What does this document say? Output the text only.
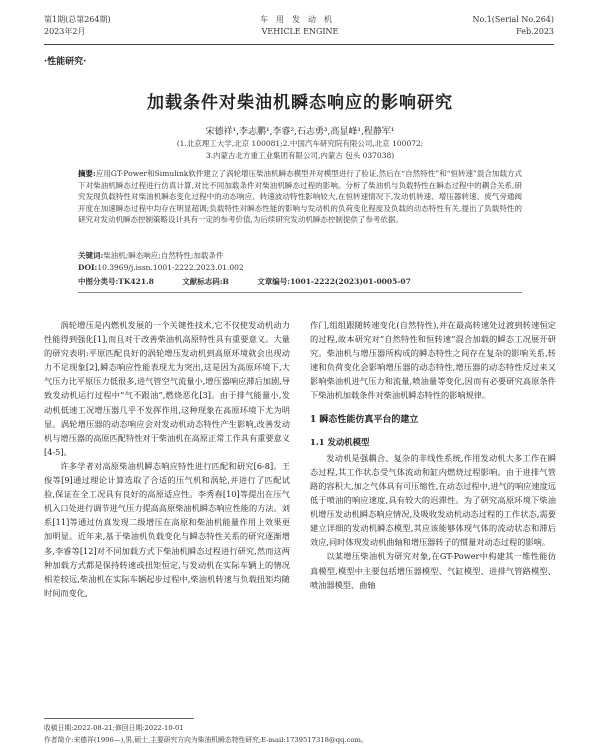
第1期(总第264期)
2023年2月
车用发动机
VEHICLE ENGINE
No.1(Serial No.264)
Feb.2023
·性能研究·
加载条件对柴油机瞬态响应的影响研究
宋德祥¹,李志鹏¹,李睿²,石志勇³,高显峰¹,程静军¹
(1.北京理工大学,北京 100081;2.中国汽车研究院有限公司,北京 100072;
3.内蒙古北方重工业集团有限公司,内蒙古 包头 037038)
摘要:应用GT-Power和Simulink软件建立了涡轮增压柴油机瞬态模型并对模型进行了验证,然后在“自然特性”和“恒转速”混合加载方式下对柴油机瞬态过程进行仿真计算,对比不同加载条件对柴油机瞬态过程的影响。分析了柴油机与负载特性在瞬态过程中的耦合关系,研究发现负载特性对柴油机瞬态变化过程中的动态响应、转速波动特性影响较大,在恒转速情况下,发动机转速、增压器转速、废气旁通阀开度在加速瞬态过程中均存在明显超调;负载特性对瞬态性能的影响与发动机的负荷变化程度及负载的动态特性有关,提出了负载特性的研究对发动机瞬态控制策略设计具有一定的参考价值,为后续研究发动机瞬态控制提供了参考依据。
关键词:柴油机;瞬态响应;自然特性;加载条件
DOI:10.3969/j.issn.1001-2222.2023.01.002
中图分类号:TK421.8	文献标志码:B	文章编号:1001-2222(2023)01-0005-07

涡轮增压是内燃机发展的一个关键性技术,它不仅使发动机动力性能得到强化[1],而且对于改善柴油机高原特性具有重要意义。大量的研究表明:平原匹配良好的涡轮增压发动机到高原环境就会出现动力不足现象[2],瞬态响应性能表现尤为突出,这是因为高原环境下,大气压力比平原压力低很多,进气管空气流量小,增压器响应滞后加剧,导致发动机运行过程中“气不跟油”,燃烧恶化[3]。由于排气能量小,发动机低速工况增压器几乎不发挥作用,这种现象在高原环境下尤为明显。涡轮增压器的动态响应会对发动机动态特性产生影响,改善发动机与增压器的高原匹配特性对于柴油机在高原正常工作具有重要意义[4-5]。

许多学者对高原柴油机瞬态响应特性进行匹配和研究[6-8]。王俊等[9]通过理论计算选取了合适的压气机和涡轮,并进行了匹配试验,保证在全工况具有良好的高原适应性。李秀春[10]等提出在压气机入口处进行调节进气压力提高高原柴油机瞬态响应性能的方法。刘系[11]等通过仿真发现二级增压在高原和柴油机能量作用上效果更加明显。近年来,基于柴油机负载变化与瞬态特性关系的研究逐渐增多,李睿等[12]对不同加载方式下柴油机瞬态过程进行研究,然而这两种加载方式都是保持转速或扭矩恒定,与发动机在实际车辆上的情况相差较远,柴油机在实际车辆起步过程中,柴油机转速与负载扭矩均随时间而变化,

作门,组组跟随转速变化(自然特性),并在最高转速处过渡到转速恒定的过程,故本研究对“自然特性和恒转速”混合加载的瞬态工况展开研究。柴油机与增压器所构成的瞬态特性之间存在复杂的影响关系,转速和负荷变化会影响增压器的动态特性,增压器的动态特性反过来又影响柴油机进气压力和流量,喷油量等变化,因而有必要研究高原条件下柴油机加载条件对柴油机瞬态特性的影响规律。

1 瞬态性能仿真平台的建立
1.1 发动机模型

发动机是强耦合、复杂的非线性系统,作用发动机大多工作在瞬态过程,其工作状态受气体流动和缸内燃烧过程影响。由于进排气管路的容积大,加之气体具有可压缩性,在动态过程中,进气的响应速度远低于喷油的响应速度,具有较大的迟滞性。为了研究高原环境下柴油机增压发动机瞬态响应情况,及吸收发动机动态过程的工作状态,需要建立详细的发动机瞬态模型,其应该能够体现气体的流动状态和滞后效应,同时体现发动机曲轴和增压器转子的惯量对动态过程的影响。

以某增压柴油机为研究对象,在GT-Power中构建其一维性能仿真模型,模型中主要包括增压器模型、气缸模型、进排气管路模型、喷油器模型、曲轴

收稿日期:2022-08-21;修回日期:2022-10-01
作者简介:宋德祥(1996—),男,硕士,主要研究方向为柴油机瞬态特性研究;E-mail:1739517318@qq.com。
